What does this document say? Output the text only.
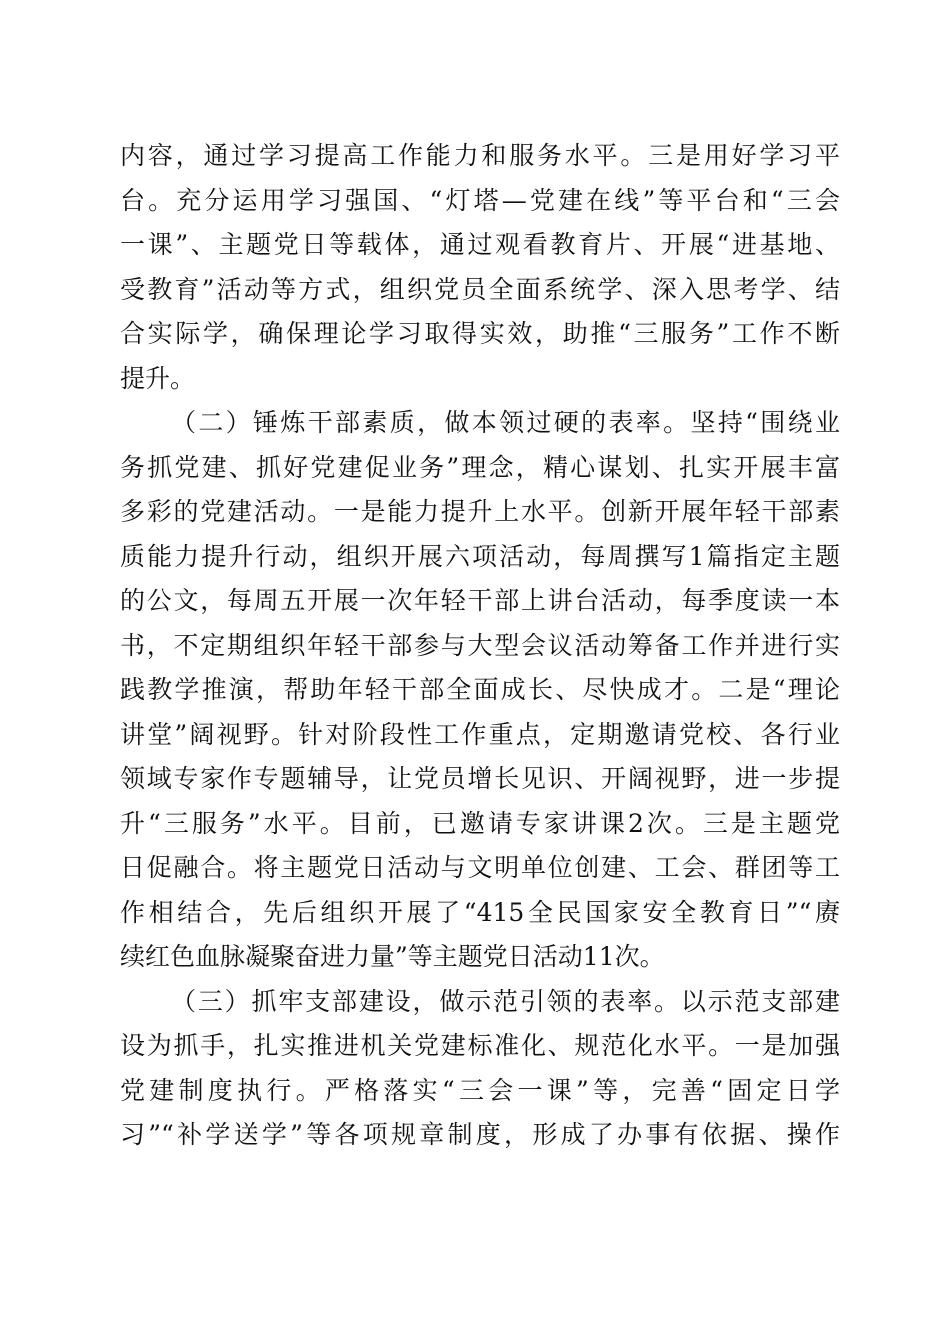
内容，通过学习提高工作能力和服务水平。三是用好学习平
台。充分运用学习强国、“灯塔—党建在线”等平台和“三会
一课”、主题党日等载体，通过观看教育片、开展“进基地、
受教育”活动等方式，组织党员全面系统学、深入思考学、结
合实际学，确保理论学习取得实效，助推“三服务”工作不断
提升。
（二）锤炼干部素质，做本领过硬的表率。坚持“围绕业
务抓党建、抓好党建促业务”理念，精心谋划、扎实开展丰富
多彩的党建活动。一是能力提升上水平。创新开展年轻干部素
质能力提升行动，组织开展六项活动，每周撰写1篇指定主题
的公文，每周五开展一次年轻干部上讲台活动，每季度读一本
书，不定期组织年轻干部参与大型会议活动筹备工作并进行实
践教学推演，帮助年轻干部全面成长、尽快成才。二是“理论
讲堂”阔视野。针对阶段性工作重点，定期邀请党校、各行业
领域专家作专题辅导，让党员增长见识、开阔视野，进一步提
升“三服务”水平。目前，已邀请专家讲课2次。三是主题党
日促融合。将主题党日活动与文明单位创建、工会、群团等工
作相结合，先后组织开展了“415全民国家安全教育日”“赓
续红色血脉凝聚奋进力量”等主题党日活动11次。
（三）抓牢支部建设，做示范引领的表率。以示范支部建
设为抓手，扎实推进机关党建标准化、规范化水平。一是加强
党建制度执行。严格落实“三会一课”等，完善“固定日学
习”“补学送学”等各项规章制度，形成了办事有依据、操作
